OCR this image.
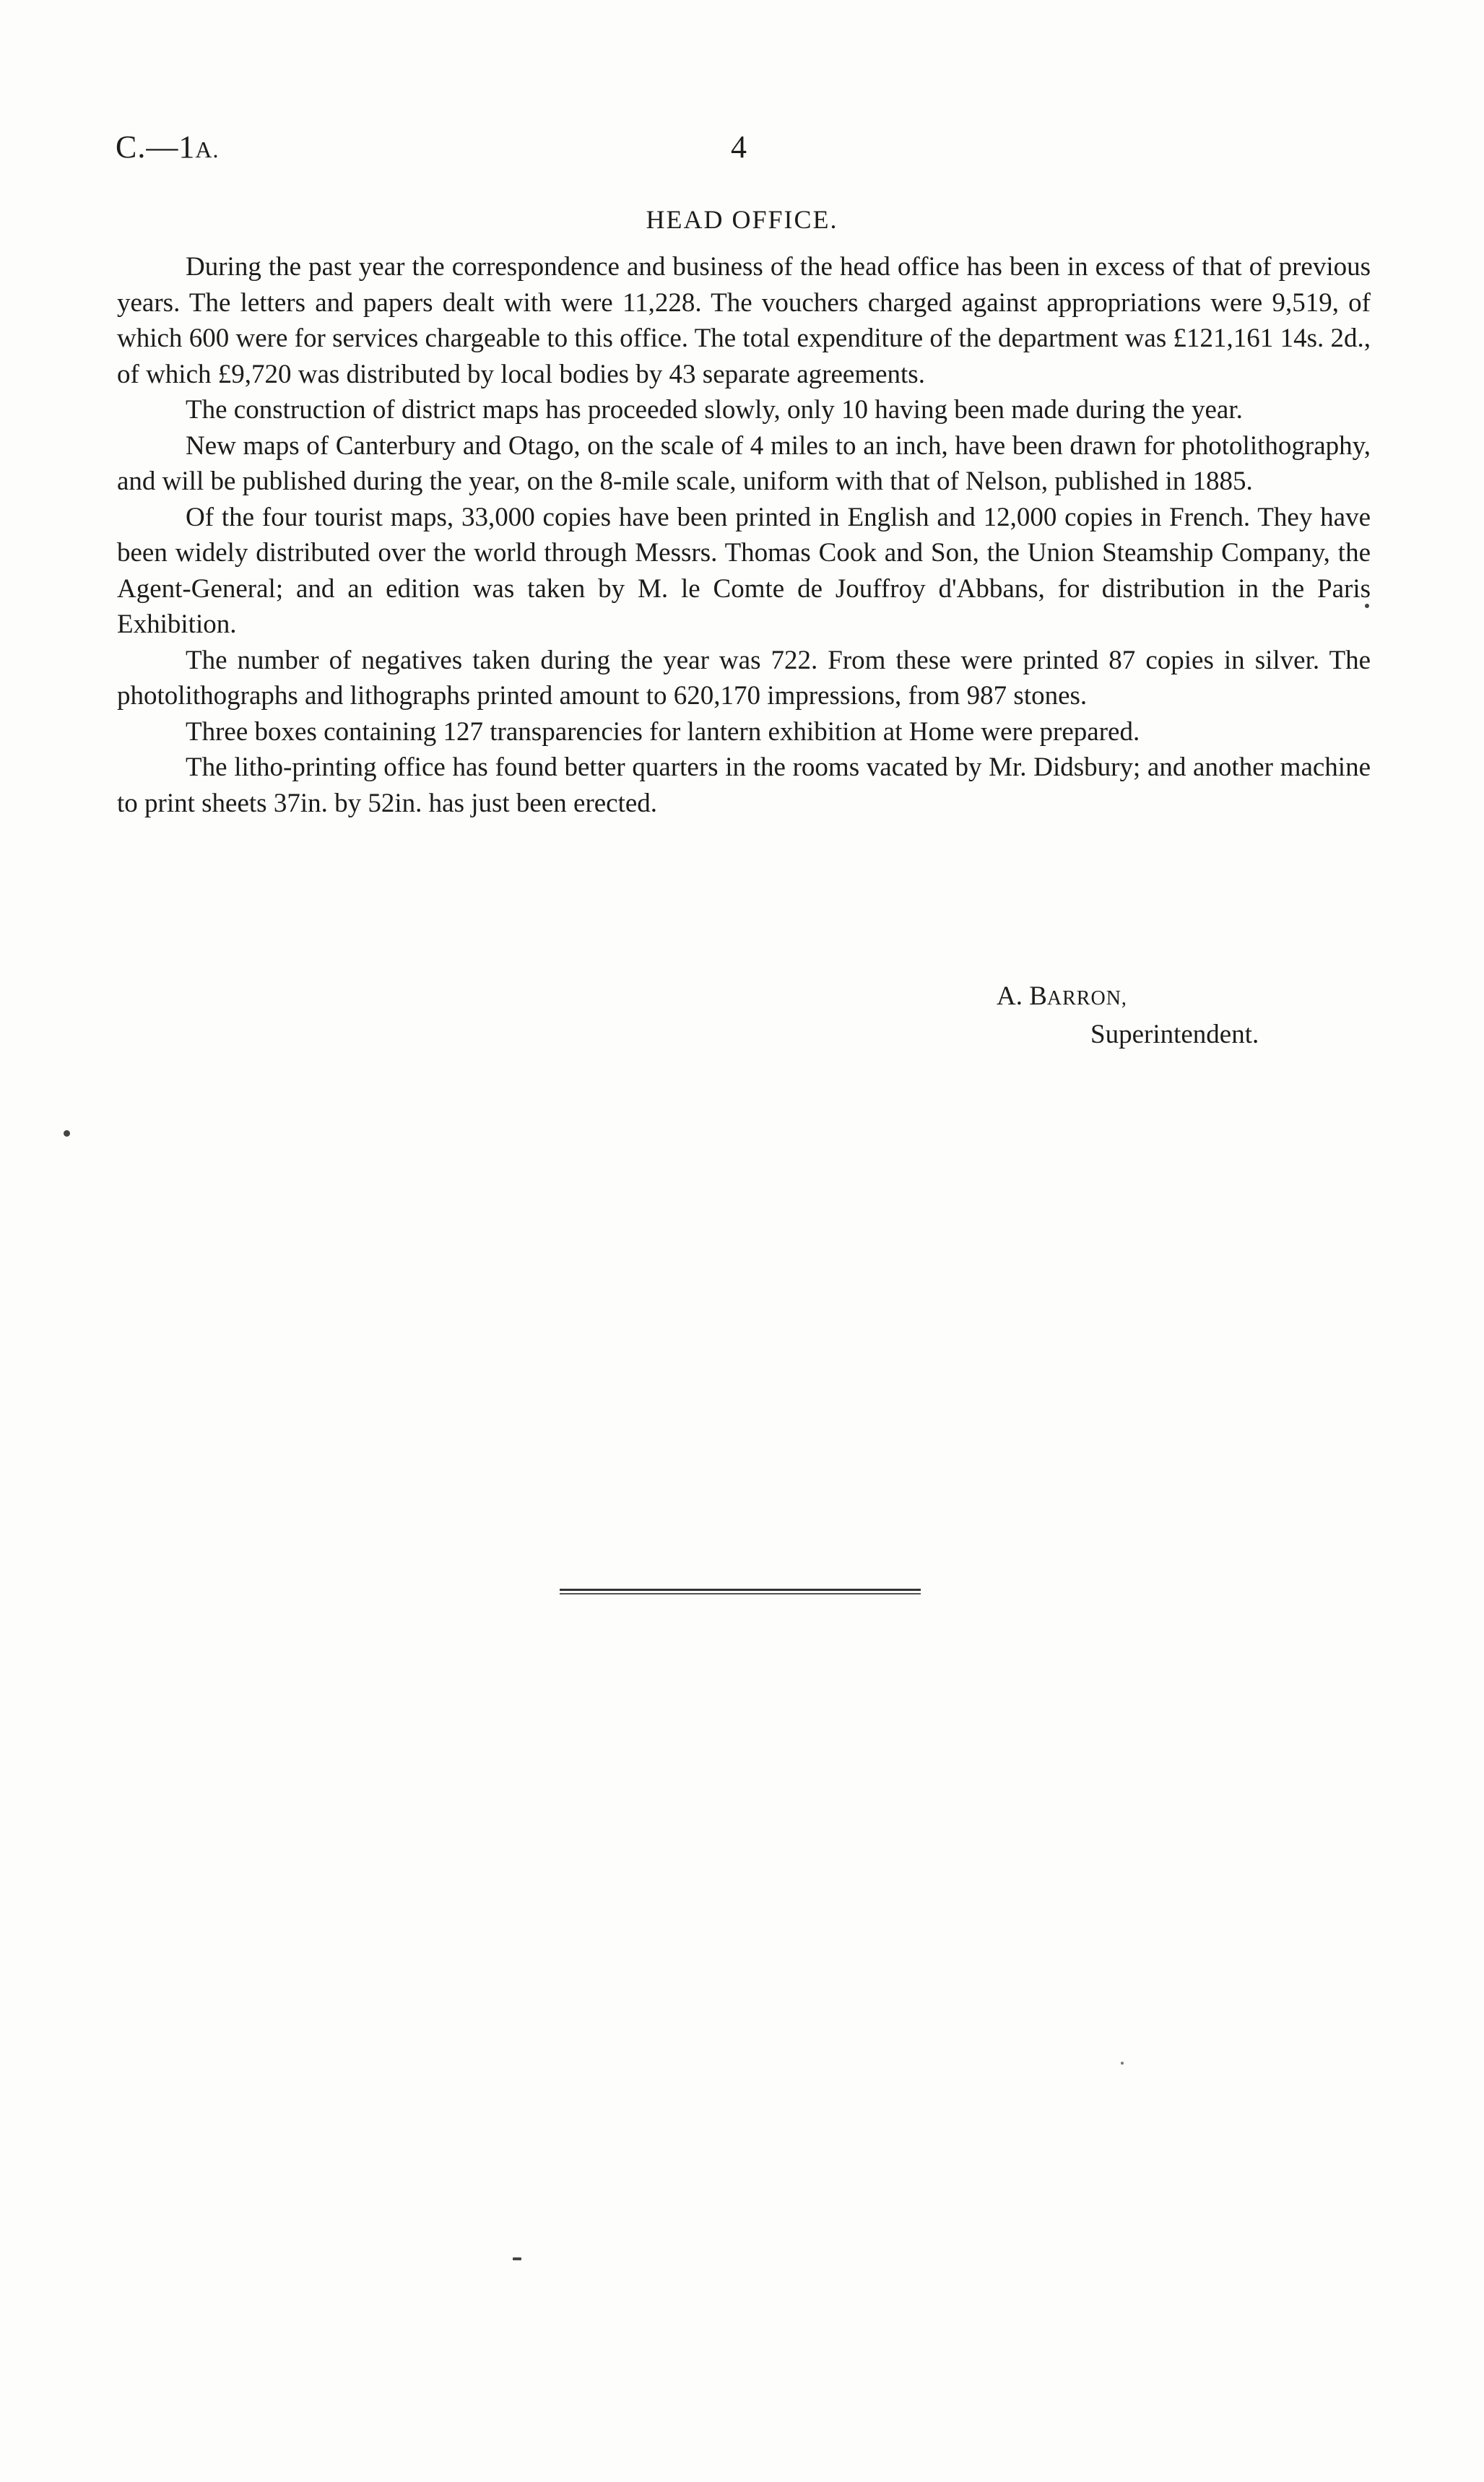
C.—1A.	4
HEAD OFFICE.

During the past year the correspondence and business of the head office has been in excess of that of previous years. The letters and papers dealt with were 11,228. The vouchers charged against appropriations were 9,519, of which 600 were for services chargeable to this office. The total expenditure of the department was £121,161 14s. 2d., of which £9,720 was distributed by local bodies by 43 separate agreements.

The construction of district maps has proceeded slowly, only 10 having been made during the year.

New maps of Canterbury and Otago, on the scale of 4 miles to an inch, have been drawn for photolithography, and will be published during the year, on the 8-mile scale, uniform with that of Nelson, published in 1885.

Of the four tourist maps, 33,000 copies have been printed in English and 12,000 copies in French. They have been widely distributed over the world through Messrs. Thomas Cook and Son, the Union Steamship Company, the Agent-General; and an edition was taken by M. le Comte de Jouffroy d'Abbans, for distribution in the Paris Exhibition.

The number of negatives taken during the year was 722. From these were printed 87 copies in silver. The photolithographs and lithographs printed amount to 620,170 impressions, from 987 stones.

Three boxes containing 127 transparencies for lantern exhibition at Home were prepared.

The litho-printing office has found better quarters in the rooms vacated by Mr. Didsbury; and another machine to print sheets 37in. by 52in. has just been erected.

A. BARRON,
Superintendent.
